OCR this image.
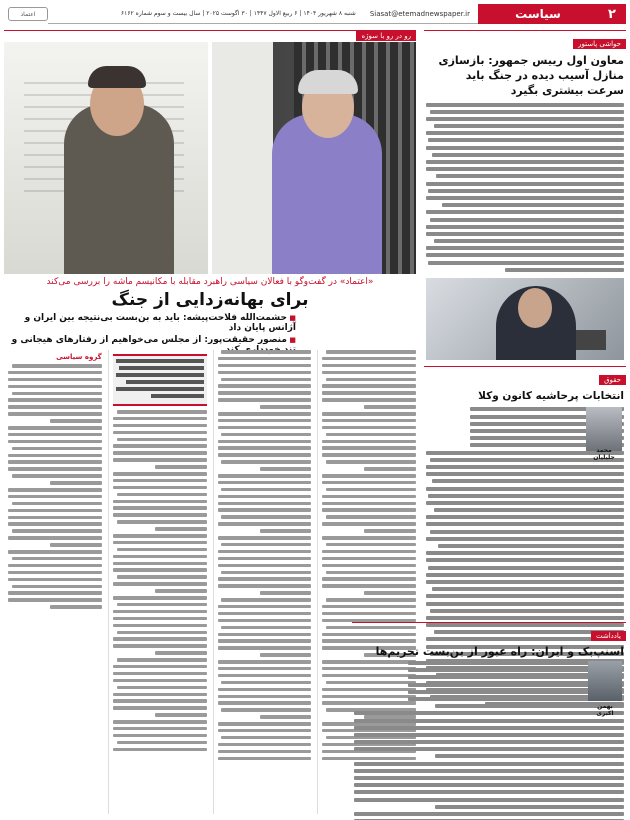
۲
سیاست
Siasat@etemadnewspaper.ir
شنبه ۸ شهریور ۱۴۰۴ | ۶ ربیع الاول ۱۴۴۷ | ۳۰ اگوست ۲۰۲۵ | سال بیست و سوم شماره ۶۱۶۲
اعتماد
حواشی پاستور
معاون اول رییس جمهور: بازسازی منازل آسیب دیده در جنگ باید سرعت بیشتری بگیرد
حقوق
انتخابات پرحاشیه کانون وکلا
محمد جلیلیان
رو در رو با سوژه
«اعتماد» در گفت‌وگو با فعالان سیاسی راهبرد مقابله با مکانیسم ماشه را بررسی می‌کند
برای بهانه‌زدایی از جنگ
■ حشمت‌الله فلاحت‌پیشه: باید به بن‌بست بی‌نتیجه بین ایران و آژانس پایان داد
■ منصور حقیقت‌پور: از مجلس می‌خواهیم از رفتارهای هیجانی و
گروه سیاسی
یادداشت
اسنپ‌بک و ایران: راه عبور از بن‌بست تحریم‌ها
بهمن اکبری
